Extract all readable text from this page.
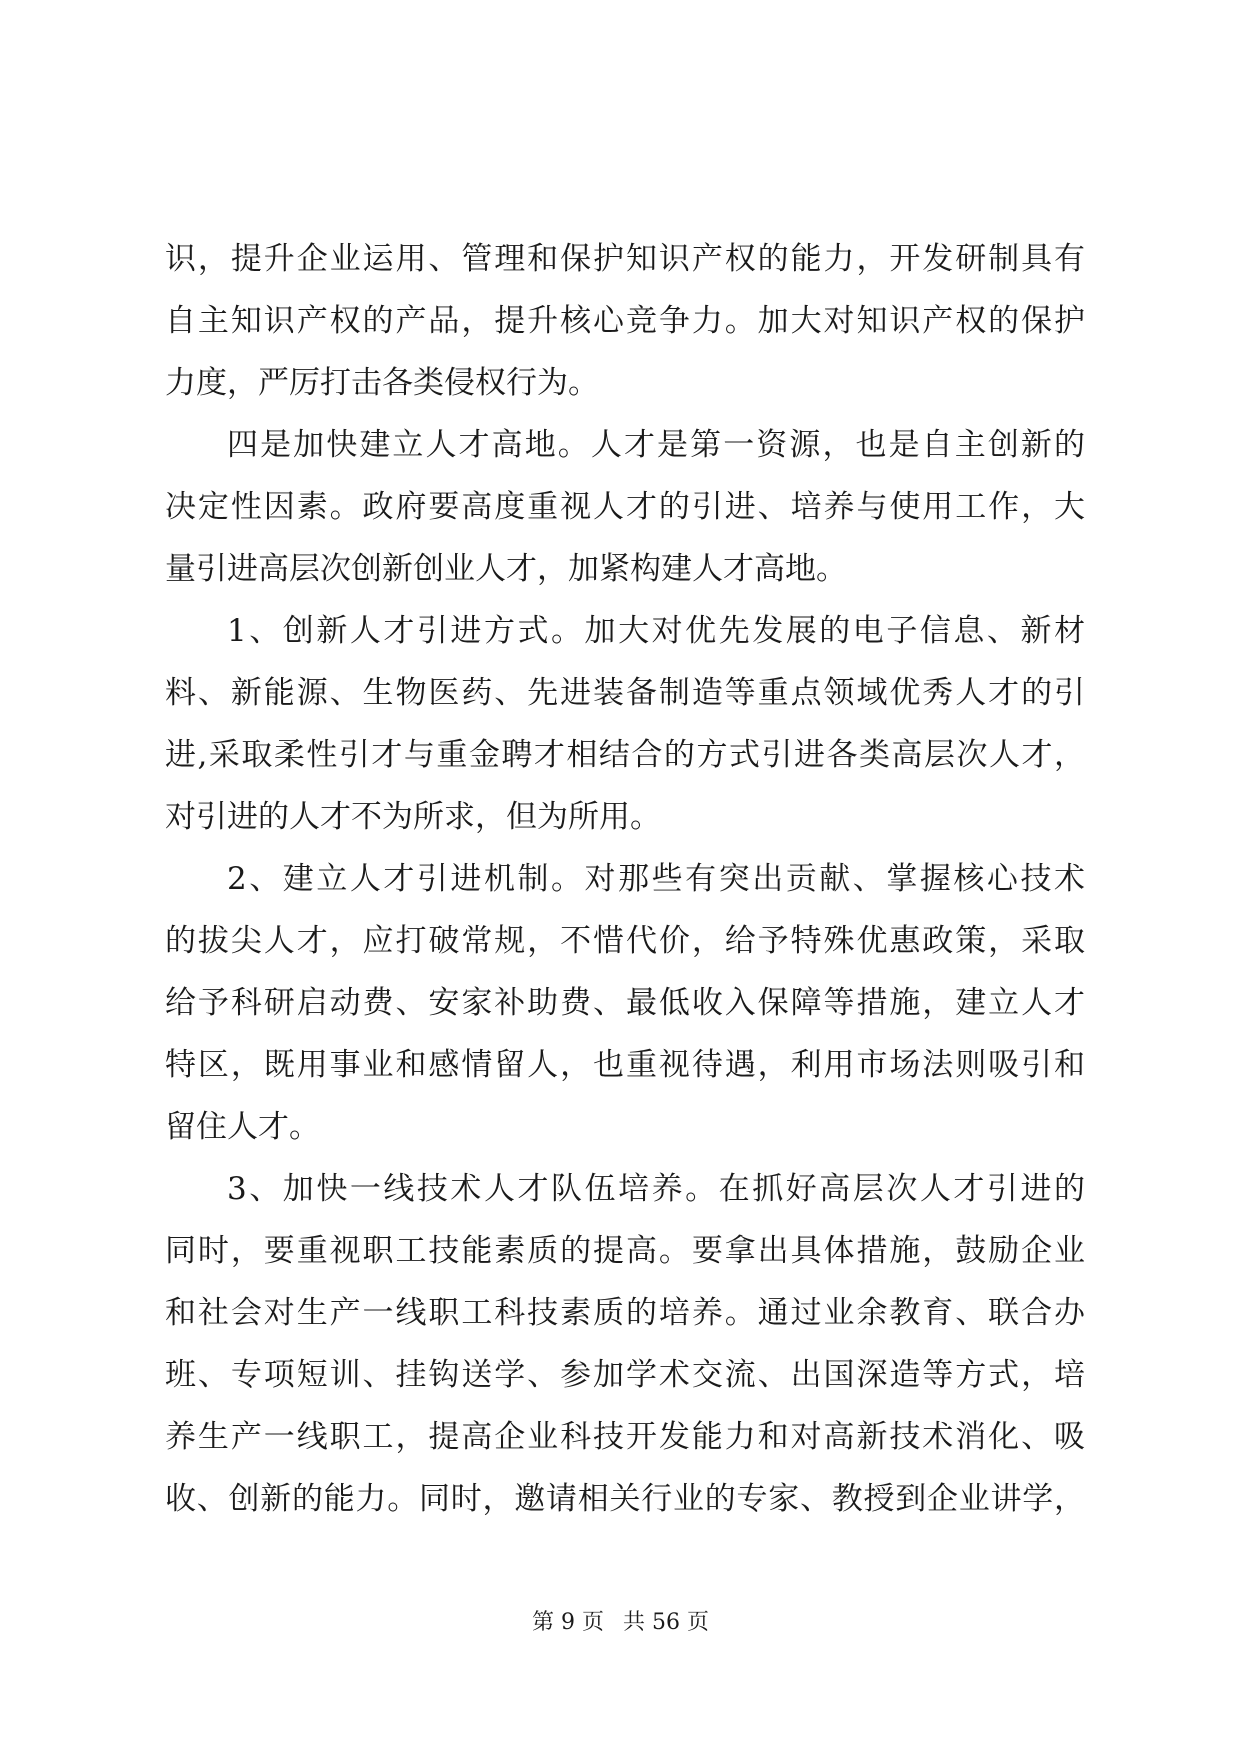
识，提升企业运用、管理和保护知识产权的能力，开发研制具有
自主知识产权的产品，提升核心竞争力。加大对知识产权的保护
力度，严厉打击各类侵权行为。
四是加快建立人才高地。人才是第一资源，也是自主创新的
决定性因素。政府要高度重视人才的引进、培养与使用工作，大
量引进高层次创新创业人才，加紧构建人才高地。
1、创新人才引进方式。加大对优先发展的电子信息、新材
料、新能源、生物医药、先进装备制造等重点领域优秀人才的引
进,采取柔性引才与重金聘才相结合的方式引进各类高层次人才，
对引进的人才不为所求，但为所用。
2、建立人才引进机制。对那些有突出贡献、掌握核心技术
的拔尖人才，应打破常规，不惜代价，给予特殊优惠政策，采取
给予科研启动费、安家补助费、最低收入保障等措施，建立人才
特区，既用事业和感情留人，也重视待遇，利用市场法则吸引和
留住人才。
3、加快一线技术人才队伍培养。在抓好高层次人才引进的
同时，要重视职工技能素质的提高。要拿出具体措施，鼓励企业
和社会对生产一线职工科技素质的培养。通过业余教育、联合办
班、专项短训、挂钩送学、参加学术交流、出国深造等方式，培
养生产一线职工，提高企业科技开发能力和对高新技术消化、吸
收、创新的能力。同时，邀请相关行业的专家、教授到企业讲学，
第 9 页 共 56 页
